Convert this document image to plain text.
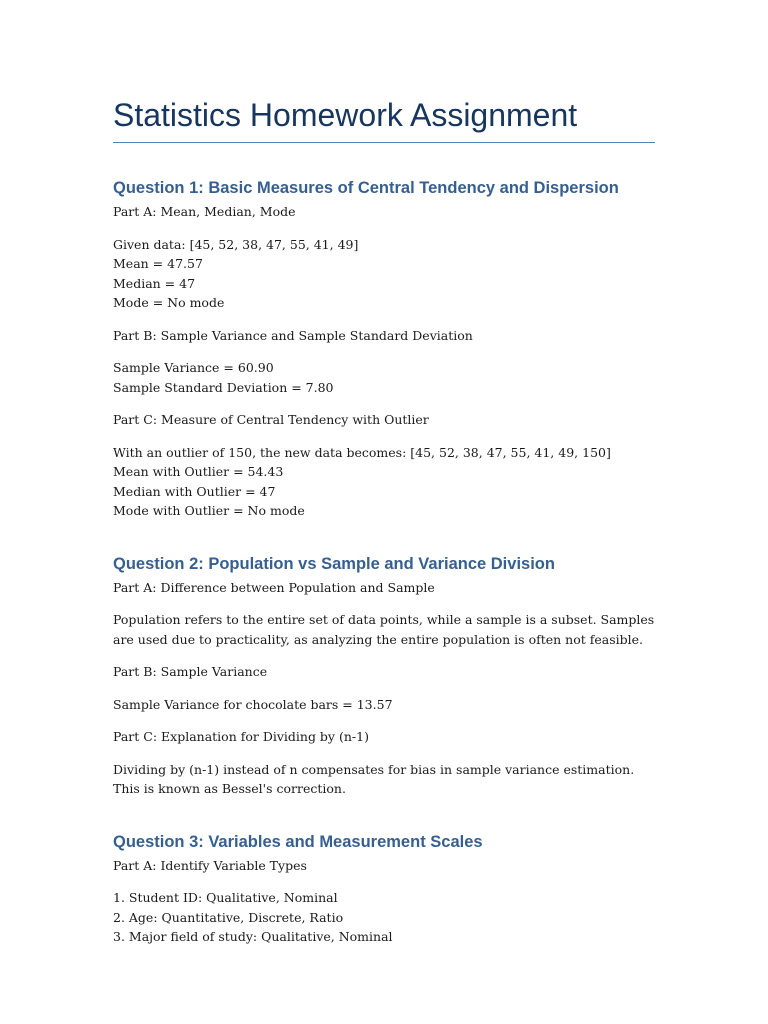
Statistics Homework Assignment
Question 1: Basic Measures of Central Tendency and Dispersion

Part A: Mean, Median, Mode

Given data: [45, 52, 38, 47, 55, 41, 49]

Mean = 47.57

Median = 47

Mode = No mode

Part B: Sample Variance and Sample Standard Deviation

Sample Variance = 60.90

Sample Standard Deviation = 7.80

Part C: Measure of Central Tendency with Outlier

With an outlier of 150, the new data becomes: [45, 52, 38, 47, 55, 41, 49, 150]

Mean with Outlier = 54.43

Median with Outlier = 47

Mode with Outlier = No mode

Question 2: Population vs Sample and Variance Division

Part A: Difference between Population and Sample

Population refers to the entire set of data points, while a sample is a subset. Samples are used due to practicality, as analyzing the entire population is often not feasible.

Part B: Sample Variance

Sample Variance for chocolate bars = 13.57

Part C: Explanation for Dividing by (n-1)

Dividing by (n-1) instead of n compensates for bias in sample variance estimation. This is known as Bessel's correction.

Question 3: Variables and Measurement Scales

Part A: Identify Variable Types

1. Student ID: Qualitative, Nominal

2. Age: Quantitative, Discrete, Ratio

3. Major field of study: Qualitative, Nominal
